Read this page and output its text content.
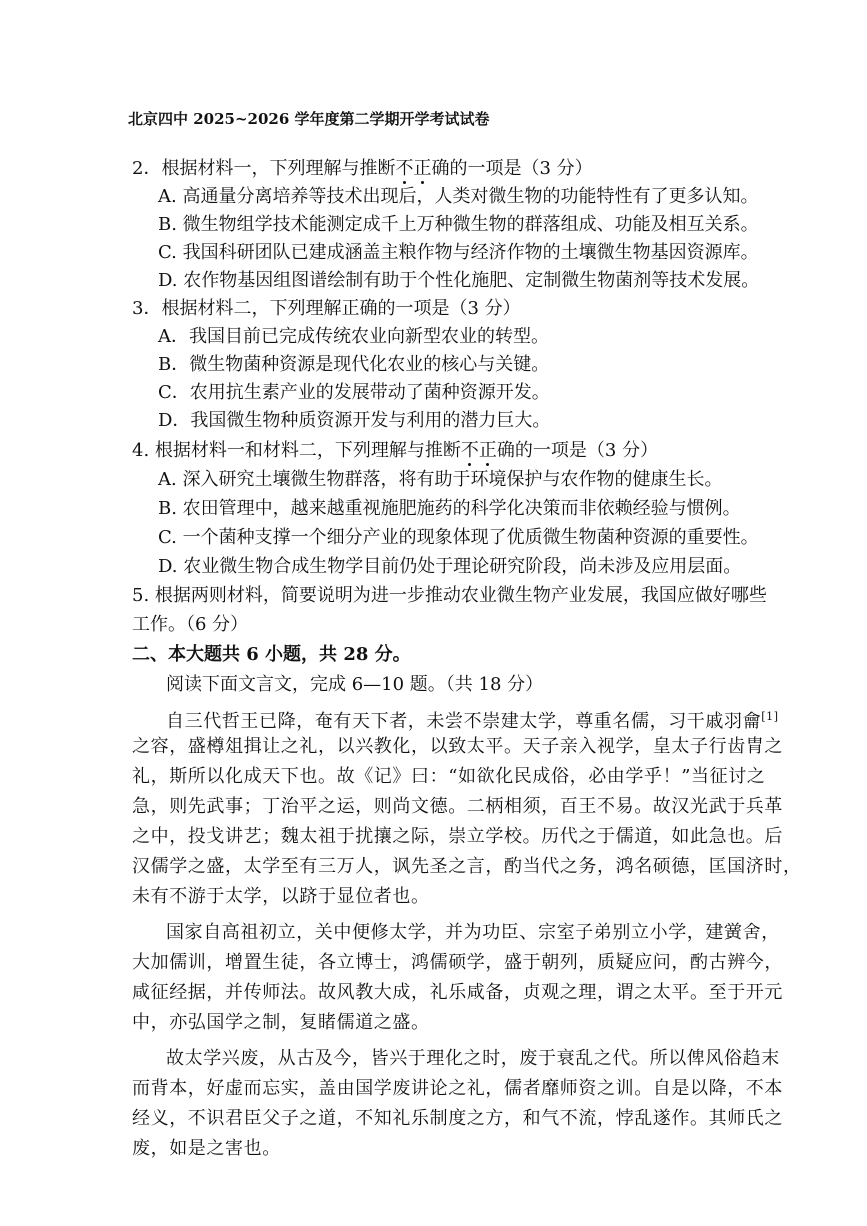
北京四中 2025~2026 学年度第二学期开学考试试卷
2．根据材料一，下列理解与推断不正确的一项是（3 分）
A. 高通量分离培养等技术出现后，人类对微生物的功能特性有了更多认知。
B. 微生物组学技术能测定成千上万种微生物的群落组成、功能及相互关系。
C. 我国科研团队已建成涵盖主粮作物与经济作物的土壤微生物基因资源库。
D. 农作物基因组图谱绘制有助于个性化施肥、定制微生物菌剂等技术发展。
3．根据材料二，下列理解正确的一项是（3 分）
A．我国目前已完成传统农业向新型农业的转型。
B．微生物菌种资源是现代化农业的核心与关键。
C．农用抗生素产业的发展带动了菌种资源开发。
D．我国微生物种质资源开发与利用的潜力巨大。
4. 根据材料一和材料二，下列理解与推断不正确的一项是（3 分）
A. 深入研究土壤微生物群落，将有助于环境保护与农作物的健康生长。
B. 农田管理中，越来越重视施肥施药的科学化决策而非依赖经验与惯例。
C. 一个菌种支撑一个细分产业的现象体现了优质微生物菌种资源的重要性。
D. 农业微生物合成生物学目前仍处于理论研究阶段，尚未涉及应用层面。
5. 根据两则材料，简要说明为进一步推动农业微生物产业发展，我国应做好哪些
工作。（6 分）
二、本大题共 6 小题，共 28 分。
阅读下面文言文，完成 6—10 题。（共 18 分）
自三代哲王已降，奄有天下者，未尝不崇建太学，尊重名儒，习干戚羽龠[1]
之容，盛樽俎揖让之礼，以兴教化，以致太平。天子亲入视学，皇太子行齿胄之
礼，斯所以化成天下也。故《记》曰：“如欲化民成俗，必由学乎！”当征讨之
急，则先武事；丁治平之运，则尚文德。二柄相须，百王不易。故汉光武于兵革
之中，投戈讲艺；魏太祖于扰攘之际，崇立学校。历代之于儒道，如此急也。后
汉儒学之盛，太学至有三万人，讽先圣之言，酌当代之务，鸿名硕德，匡国济时，
未有不游于太学，以跻于显位者也。
国家自高祖初立，关中便修太学，并为功臣、宗室子弟别立小学，建黉舍，
大加儒训，增置生徒，各立博士，鸿儒硕学，盛于朝列，质疑应问，酌古辨今，
咸征经据，并传师法。故风教大成，礼乐咸备，贞观之理，谓之太平。至于开元
中，亦弘国学之制，复睹儒道之盛。
故太学兴废，从古及今，皆兴于理化之时，废于衰乱之代。所以俾风俗趋末
而背本，好虚而忘实，盖由国学废讲论之礼，儒者靡师资之训。自是以降，不本
经义，不识君臣父子之道，不知礼乐制度之方，和气不流，悖乱遂作。其师氏之
废，如是之害也。
